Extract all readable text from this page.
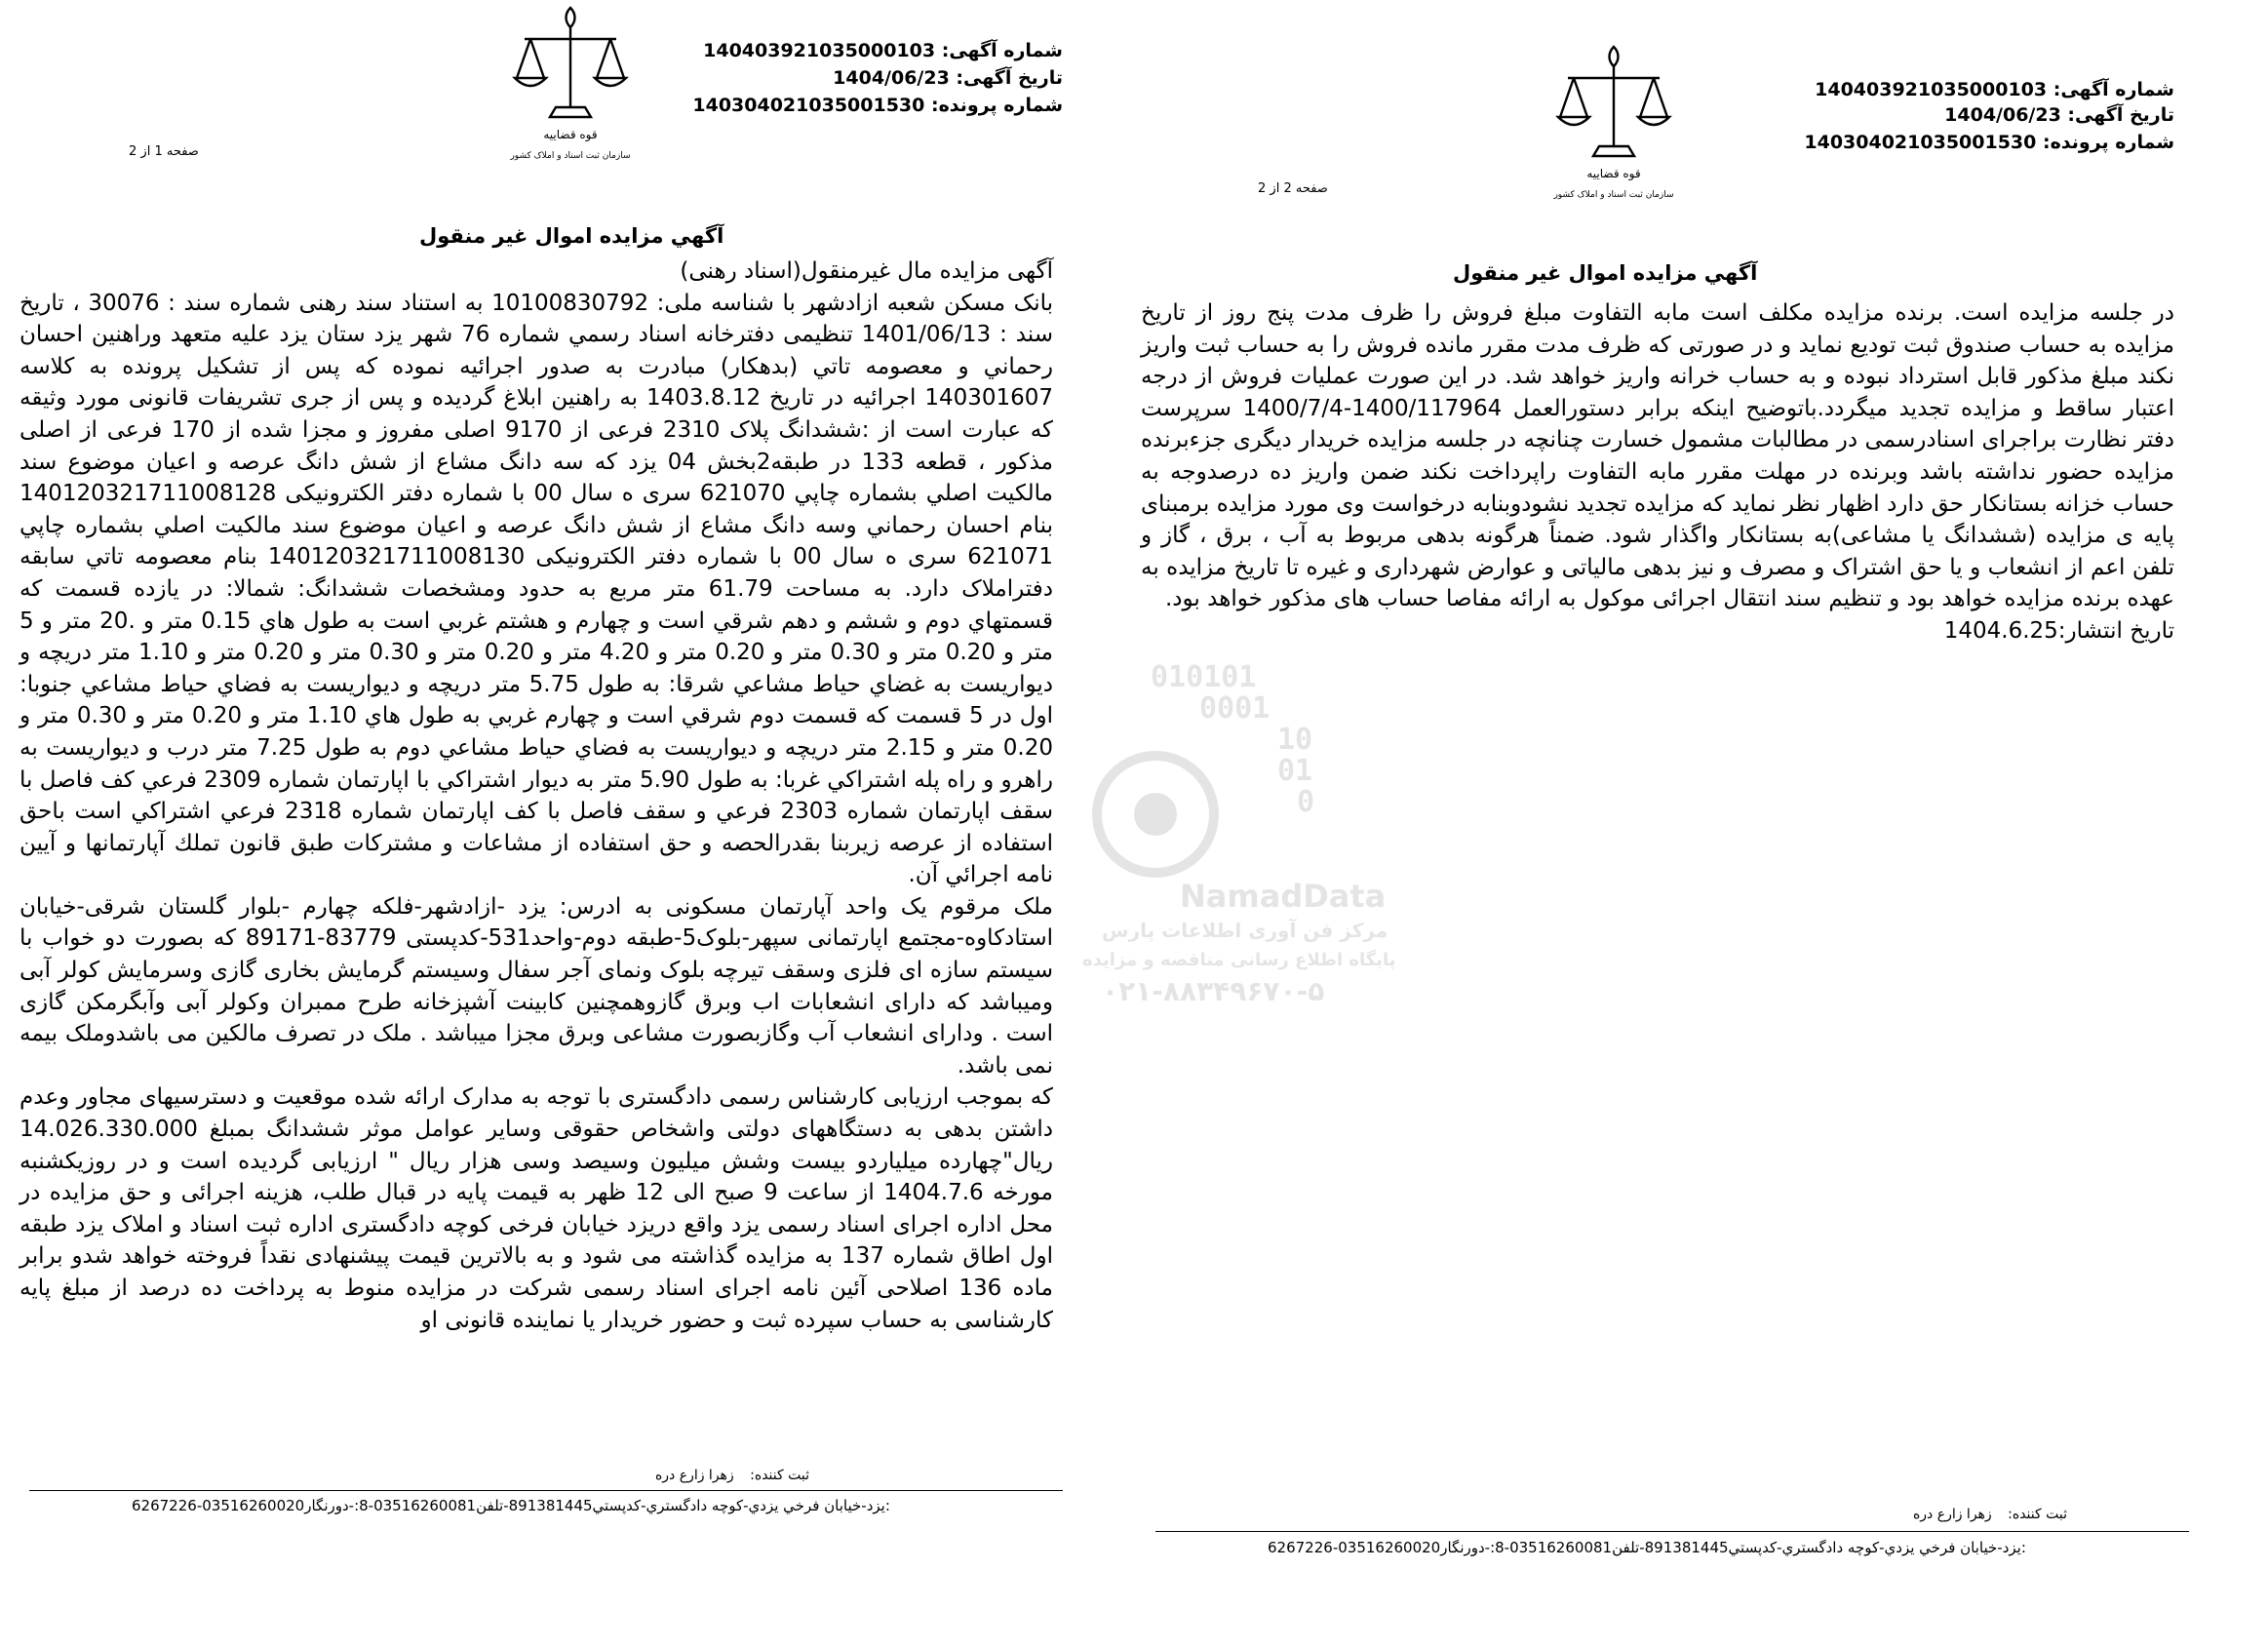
قوه قضاییه
سازمان ثبت اسناد و املاک کشور
شماره آگهی: 140403921035000103
تاریخ آگهی: 1404/06/23
شماره پرونده: 140304021035001530
صفحه 2 از 2
آگهي مزايده اموال غير منقول

در جلسه مزايده است. برنده مزايده مكلف است مابه التفاوت مبلغ فروش را ظرف مدت پنج روز از تاريخ مزايده به حساب صندوق ثبت توديع نمايد و در صورتی كه ظرف مدت مقرر مانده فروش را به حساب ثبت واريز نكند مبلغ مذكور قابل استرداد نبوده و به حساب خرانه واريز خواهد شد. در اين صورت عمليات فروش از درجه اعتبار ساقط و مزايده تجديد ميگردد.باتوضيح اينكه برابر دستورالعمل 1400/117964-1400/7/4 سرپرست دفتر نظارت براجرای اسنادرسمی در مطالبات مشمول خسارت چنانچه در جلسه مزايده خريدار ديگری جزءبرنده مزايده حضور نداشته باشد وبرنده در مهلت مقرر مابه التفاوت راپرداخت نكند ضمن واريز ده درصدوجه به حساب خزانه بستانكار حق دارد اظهار نظر نمايد كه مزايده تجديد نشودوبنابه درخواست وی مورد مزايده برمبنای پايه ی مزايده (ششدانگ يا مشاعی)به بستانكار واگذار شود. ضمناً هرگونه بدهی مربوط به آب ، برق ، گاز و تلفن اعم از انشعاب و يا حق اشتراک و مصرف و نيز بدهی مالياتی و عوارض شهرداری و غيره تا تاريخ مزايده به عهده برنده مزايده خواهد بود و تنظيم سند انتقال اجرائی موكول به ارائه مفاصا حساب های مذكور خواهد بود.

تاريخ انتشار:1404.6.25

ثبت كننده: زهرا زارع دره
يزد-خيابان فرخي يزدي-كوچه دادگستري-كدپستي891381445-تلفن03516260081-8:-دورنگار03516260020-6267226:
قوه قضاییه
سازمان ثبت اسناد و املاک کشور
شماره آگهی: 140403921035000103
تاریخ آگهی: 1404/06/23
شماره پرونده: 140304021035001530
صفحه 1 از 2
آگهي مزايده اموال غير منقول

آگهی مزايده مال غيرمنقول(اسناد رهنی)

بانک مسكن شعبه ازادشهر با شناسه ملی: 10100830792 به استناد سند رهنی شماره سند : 30076 ، تاريخ سند : 1401/06/13 تنظيمی دفترخانه اسناد رسمي شماره 76 شهر يزد ستان يزد عليه متعهد وراهنين احسان رحماني و معصومه تاتي (بدهكار) مبادرت به صدور اجرائيه نموده كه پس از تشكيل پرونده به كلاسه 140301607 اجرائيه در تاريخ 1403.8.12 به راهنين ابلاغ گرديده و پس از جری تشريفات قانونی مورد وثيقه كه عبارت است از :ششدانگ پلاک 2310 فرعی از 9170 اصلی مفروز و مجزا شده از 170 فرعی از اصلی مذكور ، قطعه 133 در طبقه2بخش 04 يزد كه سه دانگ مشاع از شش دانگ عرصه و اعيان موضوع سند مالكيت اصلي بشماره چاپي 621070 سری ه سال 00 با شماره دفتر الكترونيكی 140120321711008128 بنام احسان رحماني وسه دانگ مشاع از شش دانگ عرصه و اعيان موضوع سند مالكيت اصلي بشماره چاپي 621071 سری ه سال 00 با شماره دفتر الكترونيكی 140120321711008130 بنام معصومه تاتي سابقه دفتراملاک دارد. به مساحت 61.79 متر مربع به حدود ومشخصات ششدانگ: شمالا: در يازده قسمت كه قسمتهاي دوم و ششم و دهم شرقي است و چهارم و هشتم غربي است به طول هاي 0.15 متر و .20 متر و 5 متر و 0.20 متر و 0.30 متر و 0.20 متر و 4.20 متر و 0.20 متر و 0.30 متر و 0.20 متر و 1.10 متر دريچه و ديواريست به غضاي حياط مشاعي شرقا: به طول 5.75 متر دريچه و ديواريست به فضاي حياط مشاعي جنوبا: اول در 5 قسمت كه قسمت دوم شرقي است و چهارم غربي به طول هاي 1.10 متر و 0.20 متر و 0.30 متر و 0.20 متر و 2.15 متر دريچه و ديواريست به فضاي حياط مشاعي دوم به طول 7.25 متر درب و ديواريست به راهرو و راه پله اشتراكي غربا: به طول 5.90 متر به ديوار اشتراكي با اپارتمان شماره 2309 فرعي كف فاصل با سقف اپارتمان شماره 2303 فرعي و سقف فاصل با كف اپارتمان شماره 2318 فرعي اشتراكي است باحق استفاده از عرصه زيربنا بقدرالحصه و حق استفاده از مشاعات و مشتركات طبق قانون تملك آپارتمانها و آيين نامه اجرائي آن.

ملک مرقوم يک واحد آپارتمان مسكونی به ادرس: يزد -ازادشهر-فلكه چهارم -بلوار گلستان شرقی-خيابان استادكاوه-مجتمع اپارتمانی سپهر-بلوک5-طبقه دوم-واحد531-كدپستی 83779-89171 كه بصورت دو خواب با سيستم سازه ای فلزی وسقف تيرچه بلوک ونمای آجر سفال وسيستم گرمايش بخاری گازی وسرمايش كولر آبی وميباشد كه دارای انشعابات اب وبرق گازوهمچنين كابينت آشپزخانه طرح ممبران وكولر آبی وآبگرمكن گازی است . ودارای انشعاب آب وگازبصورت مشاعی وبرق مجزا ميباشد . ملک در تصرف مالكين می باشدوملک بيمه نمی باشد.

كه بموجب ارزيابی كارشناس رسمی دادگستری با توجه به مدارک ارائه شده موقعيت و دسترسيهای مجاور وعدم داشتن بدهی به دستگاههای دولتی واشخاص حقوقی وساير عوامل موثر ششدانگ بمبلغ 14.026.330.000 ريال"چهارده ميلياردو بيست وشش ميليون وسيصد وسی هزار ريال " ارزيابی گرديده است و در روزيكشنبه مورخه 1404.7.6 از ساعت 9 صبح الی 12 ظهر به قيمت پايه در قبال طلب، هزينه اجرائی و حق مزايده در محل اداره اجرای اسناد رسمی يزد واقع دريزد خيابان فرخی كوچه دادگستری اداره ثبت اسناد و املاک يزد طبقه اول اطاق شماره 137 به مزايده گذاشته می شود و به بالاترين قيمت پيشنهادی نقداً فروخته خواهد شدو برابر ماده 136 اصلاحی آئين نامه اجرای اسناد رسمی شركت در مزايده منوط به پرداخت ده درصد از مبلغ پايه كارشناسی به حساب سپرده ثبت و حضور خريدار يا نماينده قانونی او

ثبت كننده: زهرا زارع دره
يزد-خيابان فرخي يزدي-كوچه دادگستري-كدپستي891381445-تلفن03516260081-8:-دورنگار03516260020-6267226:
010101
0001
10
01
0
NamadData
مركز فن آوری اطلاعات پارس
پايگاه اطلاع رسانی مناقصه و مزايده
۰۲۱-۸۸۳۴۹۶۷۰-۵
